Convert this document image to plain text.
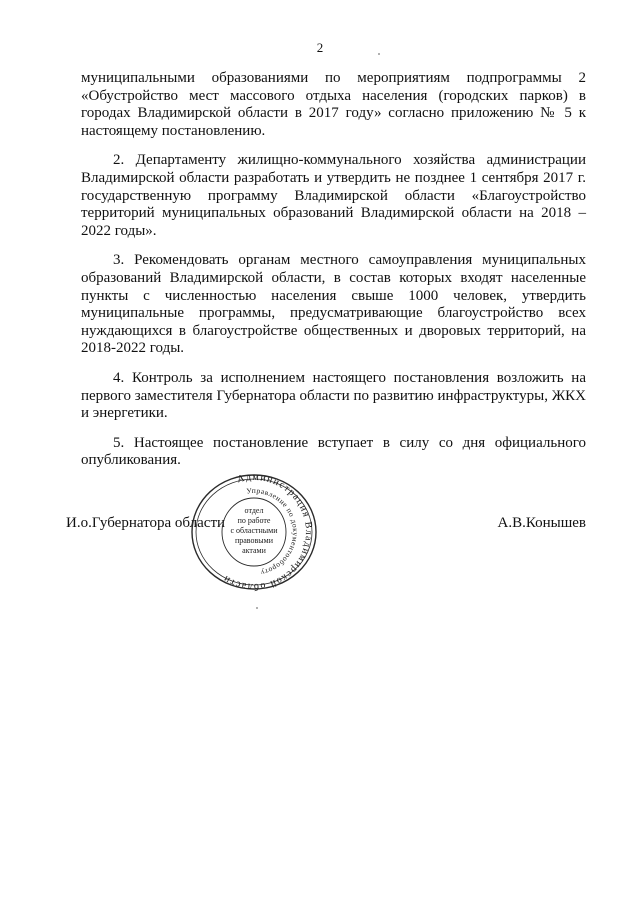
2

муниципальными образованиями по мероприятиям подпрограммы 2 «Обустройство мест массового отдыха населения (городских парков) в городах Владимирской области в 2017 году» согласно приложению № 5 к настоящему постановлению.

2. Департаменту жилищно-коммунального хозяйства администрации Владимирской области разработать и утвердить не позднее 1 сентября 2017 г. государственную программу Владимирской области «Благоустройство территорий муниципальных образований Владимирской области на 2018 – 2022 годы».

3. Рекомендовать органам местного самоуправления муниципальных образований Владимирской области, в состав которых входят населенные пункты с численностью населения свыше 1000 человек, утвердить муниципальные программы, предусматривающие благоустройство всех нуждающихся в благоустройстве общественных и дворовых территорий, на 2018-2022 годы.

4. Контроль за исполнением настоящего постановления возложить на первого заместителя Губернатора области по развитию инфраструктуры, ЖКХ и энергетики.

5. Настоящее постановление вступает в силу со дня официального опубликования.

И.о.Губернатора области	А.В.Конышев
Администрация Владимирской области
Управление по документообороту
отдел
по работе
с областными
правовыми
актами
